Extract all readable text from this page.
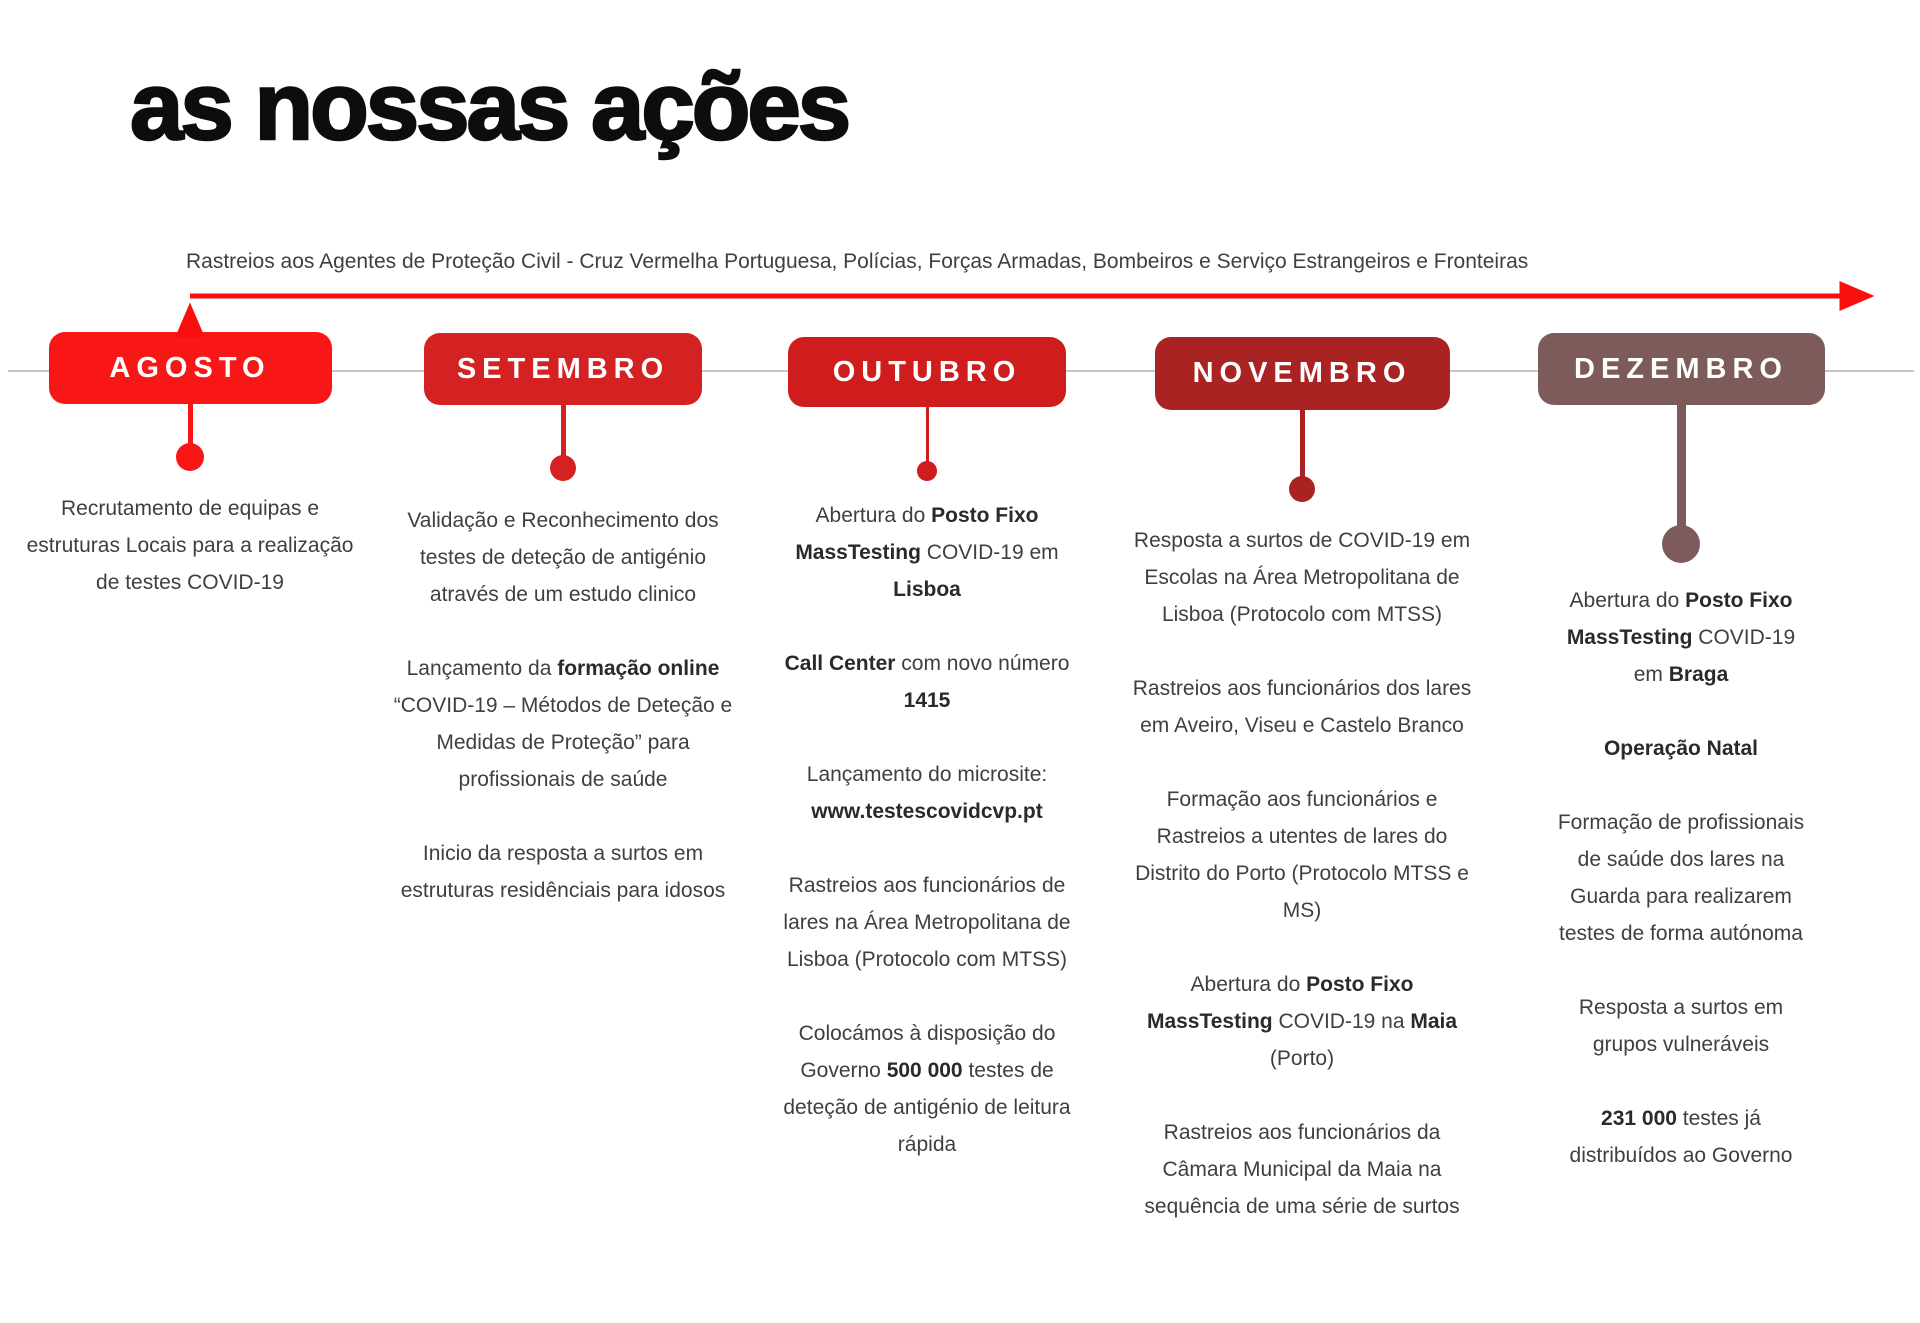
as nossas ações
Rastreios aos Agentes de Proteção Civil - Cruz Vermelha Portuguesa, Polícias, Forças Armadas, Bombeiros e Serviço Estrangeiros e Fronteiras
AGOSTO

Recrutamento de equipas e estruturas Locais para a realização de testes COVID-19

SETEMBRO

Validação e Reconhecimento dos testes de deteção de antigénio através de um estudo clinico

Lançamento da formação online “COVID-19 – Métodos de Deteção e Medidas de Proteção” para profissionais de saúde

Inicio da resposta a surtos em estruturas residênciais para idosos

OUTUBRO

Abertura do Posto Fixo MassTesting COVID-19 em Lisboa

Call Center com novo número 1415

Lançamento do microsite: www.testescovidcvp.pt

Rastreios aos funcionários de lares na Área Metropolitana de Lisboa (Protocolo com MTSS)

Colocámos à disposição do Governo 500 000 testes de deteção de antigénio de leitura rápida

NOVEMBRO

Resposta a surtos de COVID-19 em Escolas na Área Metropolitana de Lisboa (Protocolo com MTSS)

Rastreios aos funcionários dos lares em Aveiro, Viseu e Castelo Branco

Formação aos funcionários e Rastreios a utentes de lares do Distrito do Porto (Protocolo MTSS e MS)

Abertura do Posto Fixo MassTesting COVID-19 na Maia (Porto)

Rastreios aos funcionários da Câmara Municipal da Maia na sequência de uma série de surtos

DEZEMBRO

Abertura do Posto Fixo MassTesting COVID-19 em Braga

Operação Natal

Formação de profissionais de saúde dos lares na Guarda para realizarem testes de forma autónoma

Resposta a surtos em grupos vulneráveis

231 000 testes já distribuídos ao Governo
